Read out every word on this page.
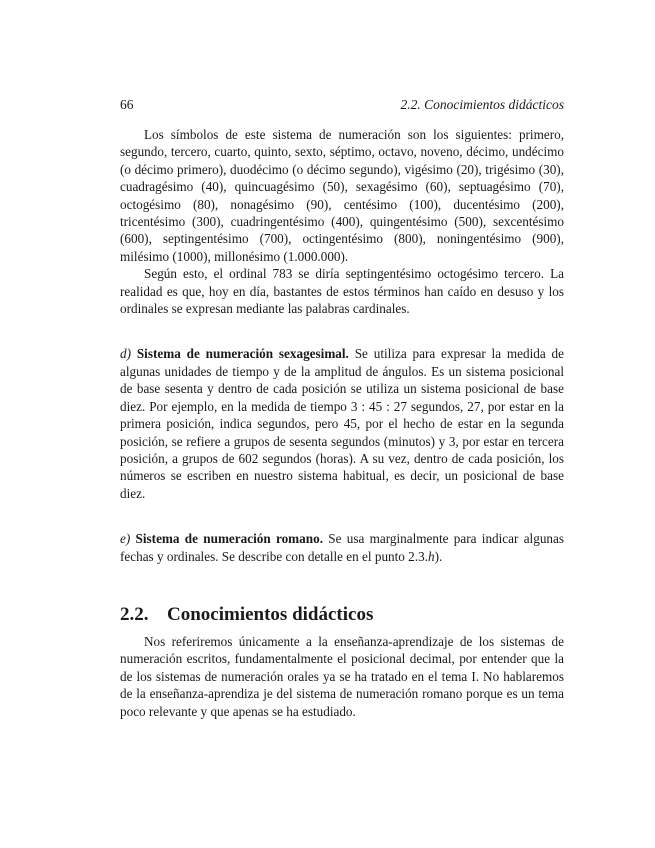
66	2.2. Conocimientos didácticos

Los símbolos de este sistema de numeración son los siguientes: primero, segundo, tercero, cuarto, quinto, sexto, séptimo, octavo, noveno, décimo, undécimo (o décimo primero), duodécimo (o décimo segundo), vigésimo (20), trigésimo (30), cuadragésimo (40), quincuagésimo (50), sexagésimo (60), septuagésimo (70), octogésimo (80), nonagésimo (90), centésimo (100), ducentésimo (200), tricentésimo (300), cuadringentésimo (400), quingentésimo (500), sexcentésimo (600), septingentésimo (700), octingentésimo (800), noningentésimo (900), milésimo (1000), millonésimo (1.000.000).

Según esto, el ordinal 783 se diría septingentésimo octogésimo tercero. La realidad es que, hoy en día, bastantes de estos términos han caído en desuso y los ordinales se expresan mediante las palabras cardinales.

d) Sistema de numeración sexagesimal. Se utiliza para expresar la medida de algunas unidades de tiempo y de la amplitud de ángulos. Es un sistema posicional de base sesenta y dentro de cada posición se utiliza un sistema posicional de base diez. Por ejemplo, en la medida de tiempo 3 : 45 : 27 segundos, 27, por estar en la primera posición, indica segundos, pero 45, por el hecho de estar en la segunda posición, se refiere a grupos de sesenta segundos (minutos) y 3, por estar en tercera posición, a grupos de 602 segundos (horas). A su vez, dentro de cada posición, los números se escriben en nuestro sistema habitual, es decir, un posicional de base diez.

e) Sistema de numeración romano. Se usa marginalmente para indicar algunas fechas y ordinales. Se describe con detalle en el punto 2.3.h).

2.2. Conocimientos didácticos

Nos referiremos únicamente a la enseñanza-aprendizaje de los sistemas de numeración escritos, fundamentalmente el posicional decimal, por entender que la de los sistemas de numeración orales ya se ha tratado en el tema I. No hablaremos de la enseñanza-aprendiza je del sistema de numeración romano porque es un tema poco relevante y que apenas se ha estudiado.
